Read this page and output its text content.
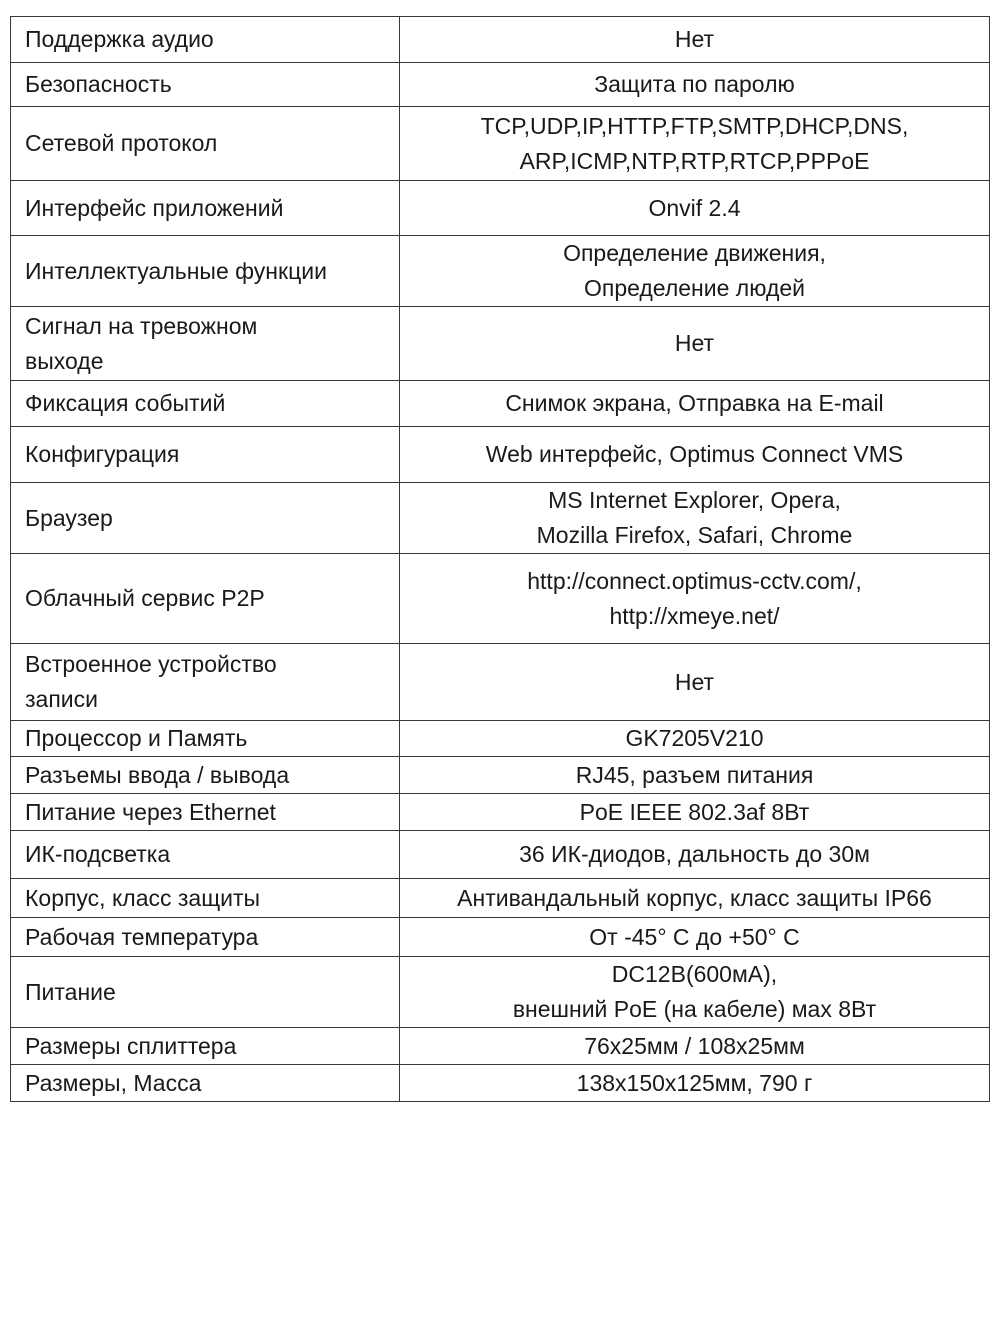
Поддержка аудио	Нет
Безопасность	Защита по паролю
Сетевой протокол	TCP,UDP,IP,HTTP,FTP,SMTP,DHCP,DNS,
ARP,ICMP,NTP,RTP,RTCP,PPPoE
Интерфейс приложений	Onvif 2.4
Интеллектуальные функции	Определение движения,
Определение людей
Сигнал на тревожном
выходе	Нет
Фиксация событий	Снимок экрана, Отправка на E-mail
Конфигурация	Web интерфейс, Optimus Connect VMS
Браузер	MS Internet Explorer, Opera,
Mozilla Firefox, Safari, Chrome
Облачный сервис P2P	http://connect.optimus-cctv.com/,
http://xmeye.net/
Встроенное устройство
записи	Нет
Процессор и Память	GK7205V210
Разъемы ввода / вывода	RJ45, разъем питания
Питание через Ethernet	PoE IEEE 802.3af 8Вт
ИК-подсветка	36 ИК-диодов, дальность до 30м
Корпус, класс защиты	Антивандальный корпус, класс защиты IP66
Рабочая температура	От -45° С до +50° С
Питание	DC12В(600мА),
внешний PoE (на кабеле) мах 8Вт
Размеры сплиттера	76х25мм / 108х25мм
Размеры, Масса	138x150x125мм, 790 г
